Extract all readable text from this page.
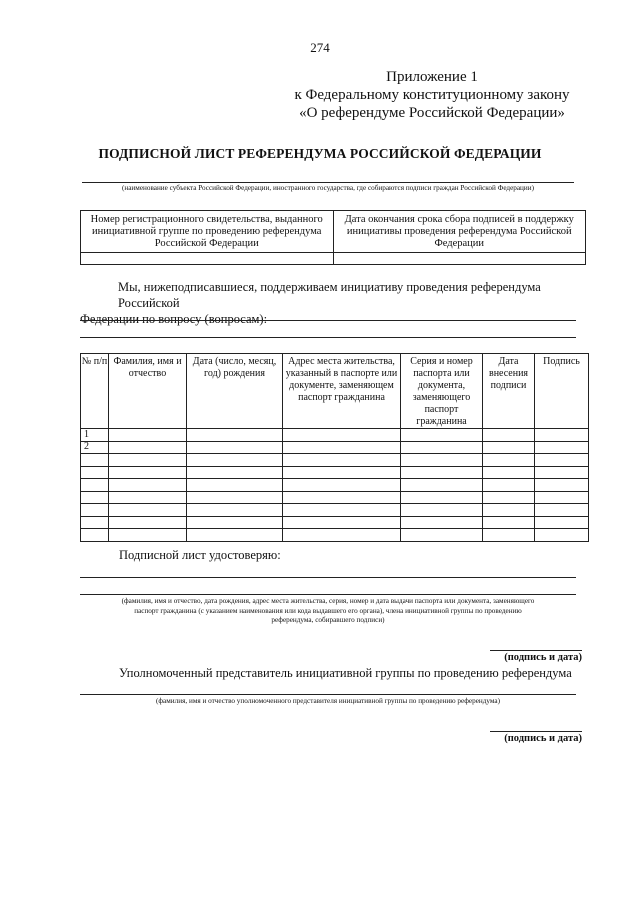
274
Приложение 1
к Федеральному конституционному закону
«О референдуме Российской Федерации»
ПОДПИСНОЙ ЛИСТ РЕФЕРЕНДУМА РОССИЙСКОЙ ФЕДЕРАЦИИ
(наименование субъекта Российской Федерации, иностранного государства, где собираются подписи граждан Российской Федерации)
Номер регистрационного свидетельства, выданного инициативной группе по проведению референдума Российской Федерации	Дата окончания срока сбора подписей в поддержку инициативы проведения референдума Российской Федерации

Мы, нижеподписавшиеся, поддерживаем инициативу проведения референдума Российской
Федерации по вопросу (вопросам):
№ п/п	Фамилия, имя и отчество	Дата (число, месяц, год) рождения	Адрес места жительства, указанный в паспорте или документе, заменяющем паспорт гражданина	Серия и номер паспорта или документа, заменяющего паспорт гражданина	Дата внесения подписи	Подпись
1						
2						

Подписной лист удостоверяю:
(фамилия, имя и отчество, дата рождения, адрес места жительства, серия, номер и дата выдачи паспорта или документа, заменяющего
паспорт гражданина (с указанием наименования или кода выдавшего его органа), члена инициативной группы по проведению
референдума, собиравшего подписи)
(подпись и дата)
Уполномоченный представитель инициативной группы по проведению референдума
(фамилия, имя и отчество уполномоченного представителя инициативной группы по проведению референдума)
(подпись и дата)
